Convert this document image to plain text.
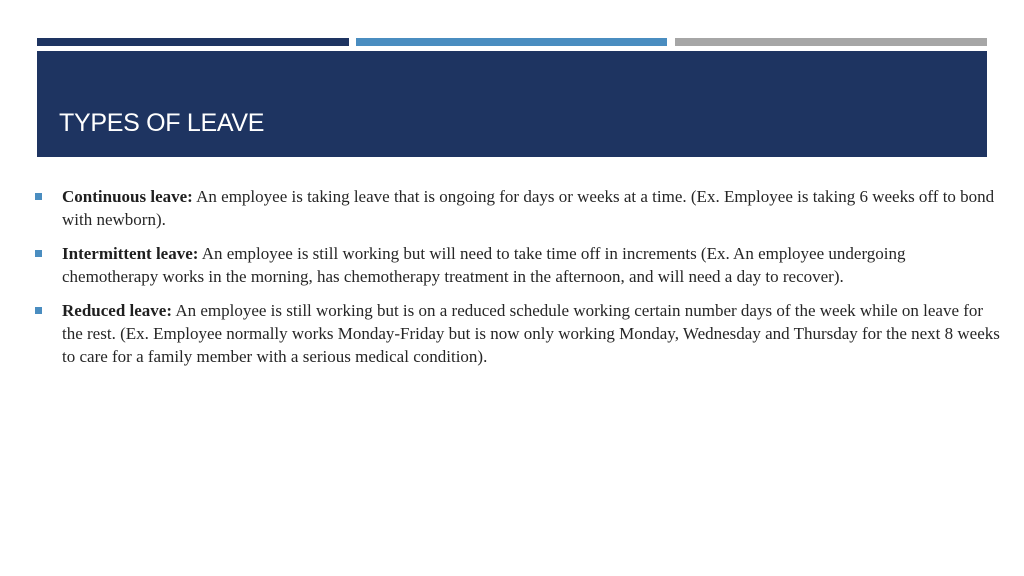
TYPES OF LEAVE
Continuous leave: An employee is taking leave that is ongoing for days or weeks at a time. (Ex. Employee is taking 6 weeks off to bond with newborn).
Intermittent leave: An employee is still working but will need to take time off in increments (Ex. An employee undergoing chemotherapy works in the morning, has chemotherapy treatment in the afternoon, and will need a day to recover).
Reduced leave: An employee is still working but is on a reduced schedule working certain number days of the week while on leave for the rest. (Ex. Employee normally works Monday-Friday but is now only working Monday, Wednesday and Thursday for the next 8 weeks to care for a family member with a serious medical condition).
